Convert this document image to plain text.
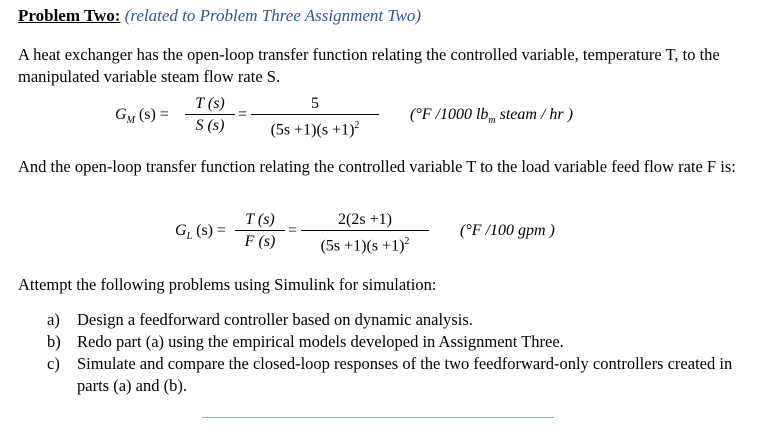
Problem Two: (related to Problem Three Assignment Two)
A heat exchanger has the open-loop transfer function relating the controlled variable, temperature T, to the manipulated variable steam flow rate S.
$G_M$ (s) =
T (s)
S (s)
=
5
$(5s +1)(s +1)^2$
(°F /1000 $lb_m$ steam / hr )
And the open-loop transfer function relating the controlled variable T to the load variable feed flow rate F is:
$G_L$ (s) =
T (s)
F (s)
=
2(2s +1)
$(5s +1)(s +1)^2$
(°F /100 gpm )
Attempt the following problems using Simulink for simulation:
a) Design a feedforward controller based on dynamic analysis.
b) Redo part (a) using the empirical models developed in Assignment Three.
c) Simulate and compare the closed-loop responses of the two feedforward-only controllers created in parts (a) and (b).
